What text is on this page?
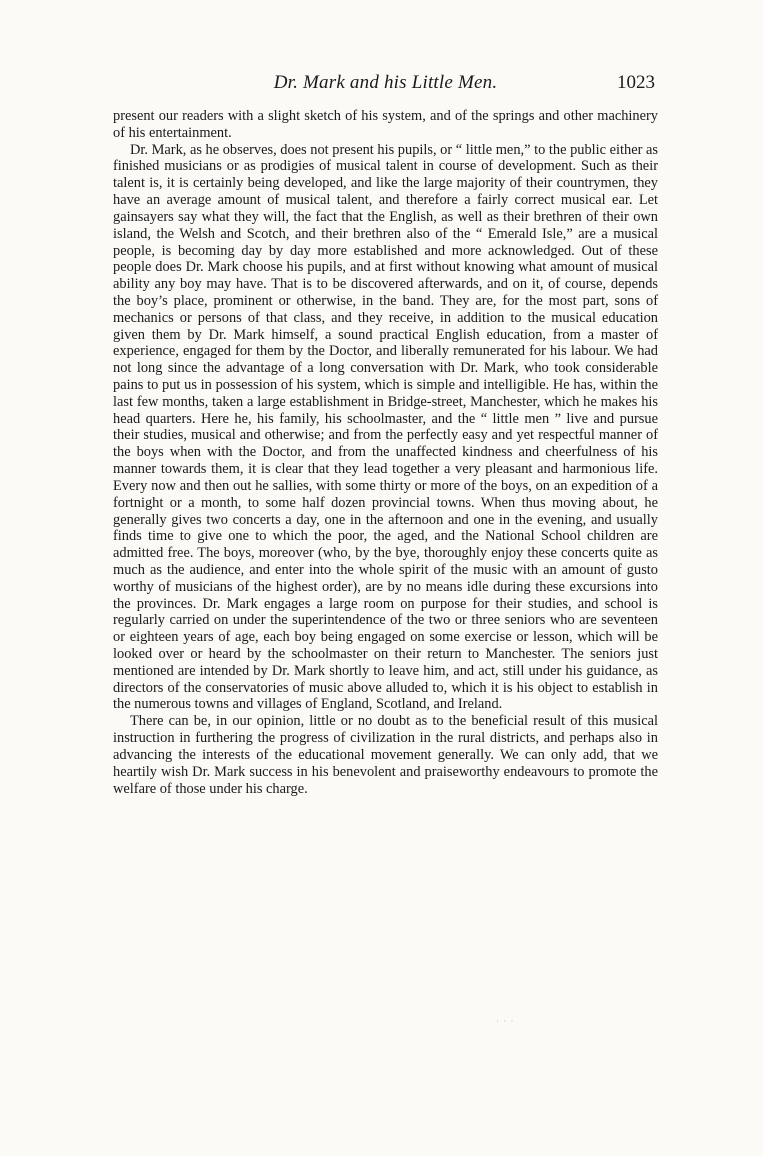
Dr. Mark and his Little Men.	1023

present our readers with a slight sketch of his system, and of the springs and other machinery of his entertainment.

Dr. Mark, as he observes, does not present his pupils, or “ little men,” to the public either as finished musicians or as prodigies of musical talent in course of development. Such as their talent is, it is certainly being developed, and like the large majority of their countrymen, they have an average amount of musical talent, and therefore a fairly correct musical ear. Let gainsayers say what they will, the fact that the English, as well as their brethren of their own island, the Welsh and Scotch, and their brethren also of the “ Emerald Isle,” are a musical people, is becoming day by day more established and more acknowledged. Out of these people does Dr. Mark choose his pupils, and at first without knowing what amount of musical ability any boy may have. That is to be discovered afterwards, and on it, of course, depends the boy’s place, prominent or otherwise, in the band. They are, for the most part, sons of mechanics or persons of that class, and they receive, in addition to the musical education given them by Dr. Mark himself, a sound practical English education, from a master of experience, engaged for them by the Doctor, and liberally remunerated for his labour. We had not long since the advantage of a long conversation with Dr. Mark, who took considerable pains to put us in possession of his system, which is simple and intelligible. He has, within the last few months, taken a large establishment in Bridge-street, Manchester, which he makes his head quarters. Here he, his family, his schoolmaster, and the “ little men ” live and pursue their studies, musical and otherwise; and from the perfectly easy and yet respectful manner of the boys when with the Doctor, and from the unaffected kindness and cheerfulness of his manner towards them, it is clear that they lead together a very pleasant and harmonious life. Every now and then out he sallies, with some thirty or more of the boys, on an expedition of a fortnight or a month, to some half dozen provincial towns. When thus moving about, he generally gives two concerts a day, one in the afternoon and one in the evening, and usually finds time to give one to which the poor, the aged, and the National School children are admitted free. The boys, moreover (who, by the bye, thoroughly enjoy these concerts quite as much as the audience, and enter into the whole spirit of the music with an amount of gusto worthy of musicians of the highest order), are by no means idle during these excursions into the provinces. Dr. Mark engages a large room on purpose for their studies, and school is regularly carried on under the superintendence of the two or three seniors who are seventeen or eighteen years of age, each boy being engaged on some exercise or lesson, which will be looked over or heard by the schoolmaster on their return to Manchester. The seniors just mentioned are intended by Dr. Mark shortly to leave him, and act, still under his guidance, as directors of the conservatories of music above alluded to, which it is his object to establish in the numerous towns and villages of England, Scotland, and Ireland.

There can be, in our opinion, little or no doubt as to the beneficial result of this musical instruction in furthering the progress of civilization in the rural districts, and perhaps also in advancing the interests of the educational movement generally. We can only add, that we heartily wish Dr. Mark success in his benevolent and praiseworthy endeavours to promote the welfare of those under his charge.

· · ·
